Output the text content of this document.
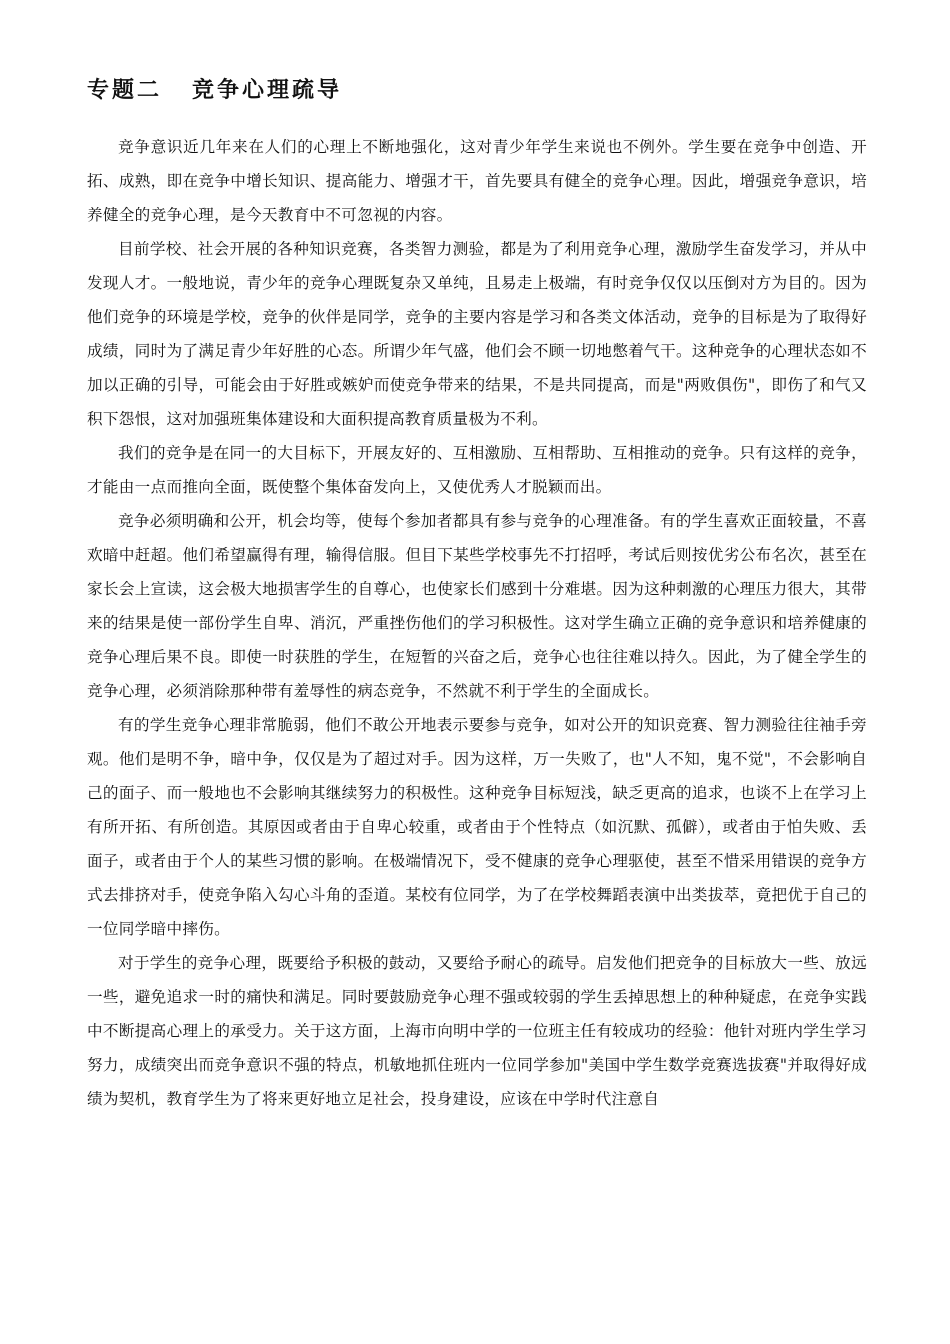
专题二 竞争心理疏导

竞争意识近几年来在人们的心理上不断地强化，这对青少年学生来说也不例外。学生要在竞争中创造、开拓、成熟，即在竞争中增长知识、提高能力、增强才干，首先要具有健全的竞争心理。因此，增强竞争意识，培养健全的竞争心理，是今天教育中不可忽视的内容。

目前学校、社会开展的各种知识竞赛，各类智力测验，都是为了利用竞争心理，激励学生奋发学习，并从中发现人才。一般地说，青少年的竞争心理既复杂又单纯，且易走上极端，有时竞争仅仅以压倒对方为目的。因为他们竞争的环境是学校，竞争的伙伴是同学，竞争的主要内容是学习和各类文体活动，竞争的目标是为了取得好成绩，同时为了满足青少年好胜的心态。所谓少年气盛，他们会不顾一切地憋着气干。这种竞争的心理状态如不加以正确的引导，可能会由于好胜或嫉妒而使竞争带来的结果，不是共同提高，而是"两败俱伤"，即伤了和气又积下怨恨，这对加强班集体建设和大面积提高教育质量极为不利。

我们的竞争是在同一的大目标下，开展友好的、互相激励、互相帮助、互相推动的竞争。只有这样的竞争，才能由一点而推向全面，既使整个集体奋发向上，又使优秀人才脱颖而出。

竞争必须明确和公开，机会均等，使每个参加者都具有参与竞争的心理准备。有的学生喜欢正面较量，不喜欢暗中赶超。他们希望赢得有理，输得信服。但目下某些学校事先不打招呼，考试后则按优劣公布名次，甚至在家长会上宣读，这会极大地损害学生的自尊心，也使家长们感到十分难堪。因为这种刺激的心理压力很大，其带来的结果是使一部份学生自卑、消沉，严重挫伤他们的学习积极性。这对学生确立正确的竞争意识和培养健康的竞争心理后果不良。即使一时获胜的学生，在短暂的兴奋之后，竞争心也往往难以持久。因此，为了健全学生的竞争心理，必须消除那种带有羞辱性的病态竞争，不然就不利于学生的全面成长。

有的学生竞争心理非常脆弱，他们不敢公开地表示要参与竞争，如对公开的知识竞赛、智力测验往往袖手旁观。他们是明不争，暗中争，仅仅是为了超过对手。因为这样，万一失败了，也"人不知，鬼不觉"，不会影响自己的面子、而一般地也不会影响其继续努力的积极性。这种竞争目标短浅，缺乏更高的追求，也谈不上在学习上有所开拓、有所创造。其原因或者由于自卑心较重，或者由于个性特点（如沉默、孤僻），或者由于怕失败、丢面子，或者由于个人的某些习惯的影响。在极端情况下，受不健康的竞争心理驱使，甚至不惜采用错误的竞争方式去排挤对手，使竞争陷入勾心斗角的歪道。某校有位同学，为了在学校舞蹈表演中出类拔萃，竟把优于自己的一位同学暗中摔伤。

对于学生的竞争心理，既要给予积极的鼓动，又要给予耐心的疏导。启发他们把竞争的目标放大一些、放远一些，避免追求一时的痛快和满足。同时要鼓励竞争心理不强或较弱的学生丢掉思想上的种种疑虑，在竞争实践中不断提高心理上的承受力。关于这方面，上海市向明中学的一位班主任有较成功的经验：他针对班内学生学习努力，成绩突出而竞争意识不强的特点，机敏地抓住班内一位同学参加"美国中学生数学竞赛选拔赛"并取得好成绩为契机，教育学生为了将来更好地立足社会，投身建设，应该在中学时代注意自
